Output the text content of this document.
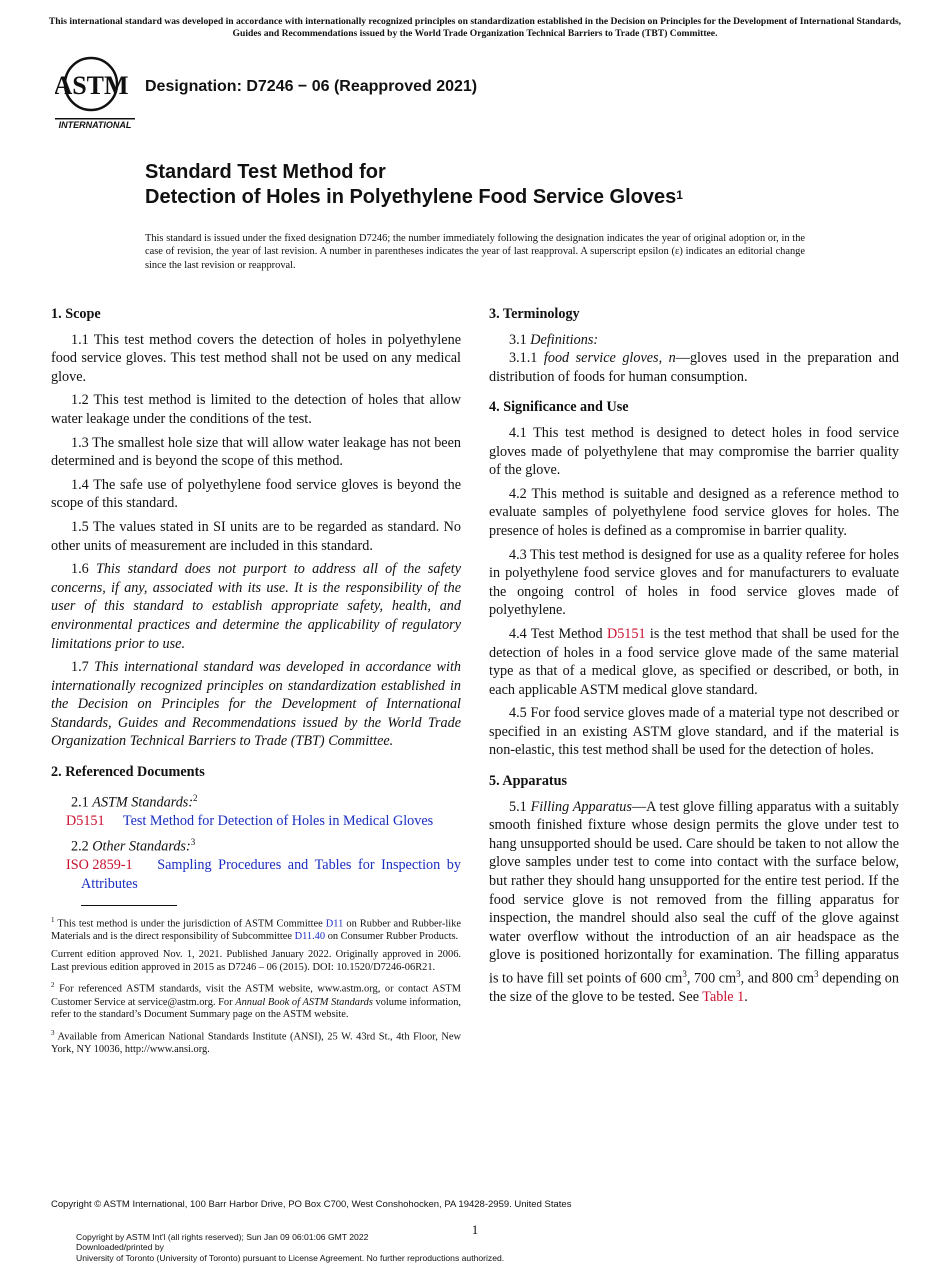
This international standard was developed in accordance with internationally recognized principles on standardization established in the Decision on Principles for the Development of International Standards, Guides and Recommendations issued by the World Trade Organization Technical Barriers to Trade (TBT) Committee.
ASTM
INTERNATIONAL
Designation: D7246 − 06 (Reapproved 2021)
Standard Test Method for
Detection of Holes in Polyethylene Food Service Gloves$^1$
This standard is issued under the fixed designation D7246; the number immediately following the designation indicates the year of original adoption or, in the case of revision, the year of last revision. A number in parentheses indicates the year of last reapproval. A superscript epsilon (ε) indicates an editorial change since the last revision or reapproval.
1. Scope

1.1 This test method covers the detection of holes in polyethylene food service gloves. This test method shall not be used on any medical glove.

1.2 This test method is limited to the detection of holes that allow water leakage under the conditions of the test.

1.3 The smallest hole size that will allow water leakage has not been determined and is beyond the scope of this method.

1.4 The safe use of polyethylene food service gloves is beyond the scope of this standard.

1.5 The values stated in SI units are to be regarded as standard. No other units of measurement are included in this standard.

1.6 This standard does not purport to address all of the safety concerns, if any, associated with its use. It is the responsibility of the user of this standard to establish appropriate safety, health, and environmental practices and determine the applicability of regulatory limitations prior to use.

1.7 This international standard was developed in accordance with internationally recognized principles on standardization established in the Decision on Principles for the Development of International Standards, Guides and Recommendations issued by the World Trade Organization Technical Barriers to Trade (TBT) Committee.

2. Referenced Documents

2.1 ASTM Standards:$^2$

D5151 Test Method for Detection of Holes in Medical Gloves

2.2 Other Standards:$^3$

ISO 2859-1 Sampling Procedures and Tables for Inspection by Attributes

$^1$ This test method is under the jurisdiction of ASTM Committee D11 on Rubber and Rubber-like Materials and is the direct responsibility of Subcommittee D11.40 on Consumer Rubber Products.

Current edition approved Nov. 1, 2021. Published January 2022. Originally approved in 2006. Last previous edition approved in 2015 as D7246 – 06 (2015). DOI: 10.1520/D7246-06R21.

$^2$ For referenced ASTM standards, visit the ASTM website, www.astm.org, or contact ASTM Customer Service at service@astm.org. For Annual Book of ASTM Standards volume information, refer to the standard’s Document Summary page on the ASTM website.

$^3$ Available from American National Standards Institute (ANSI), 25 W. 43rd St., 4th Floor, New York, NY 10036, http://www.ansi.org.

3. Terminology

3.1 Definitions:

3.1.1 food service gloves, n—gloves used in the preparation and distribution of foods for human consumption.

4. Significance and Use

4.1 This test method is designed to detect holes in food service gloves made of polyethylene that may compromise the barrier quality of the glove.

4.2 This method is suitable and designed as a reference method to evaluate samples of polyethylene food service gloves for holes. The presence of holes is defined as a compromise in barrier quality.

4.3 This test method is designed for use as a quality referee for holes in polyethylene food service gloves and for manufacturers to evaluate the ongoing control of holes in food service gloves made of polyethylene.

4.4 Test Method D5151 is the test method that shall be used for the detection of holes in a food service glove made of the same material type as that of a medical glove, as specified or described, or both, in each applicable ASTM medical glove standard.

4.5 For food service gloves made of a material type not described or specified in an existing ASTM glove standard, and if the material is non-elastic, this test method shall be used for the detection of holes.

5. Apparatus

5.1 Filling Apparatus—A test glove filling apparatus with a suitably smooth finished fixture whose design permits the glove under test to hang unsupported should be used. Care should be taken to not allow the glove samples under test to come into contact with the surface below, but rather they should hang unsupported for the entire test period. If the food service glove is not removed from the filling apparatus for inspection, the mandrel should also seal the cuff of the glove against water overflow without the introduction of an air headspace as the glove is positioned horizontally for examination. The filling apparatus is to have fill set points of 600 $cm^3$, 700 $cm^3$, and 800 $cm^3$ depending on the size of the glove to be tested. See Table 1.

Copyright © ASTM International, 100 Barr Harbor Drive, PO Box C700, West Conshohocken, PA 19428-2959. United States
1
Copyright by ASTM Int'l (all rights reserved); Sun Jan 09 06:01:06 GMT 2022
Downloaded/printed by
University of Toronto (University of Toronto) pursuant to License Agreement. No further reproductions authorized.
